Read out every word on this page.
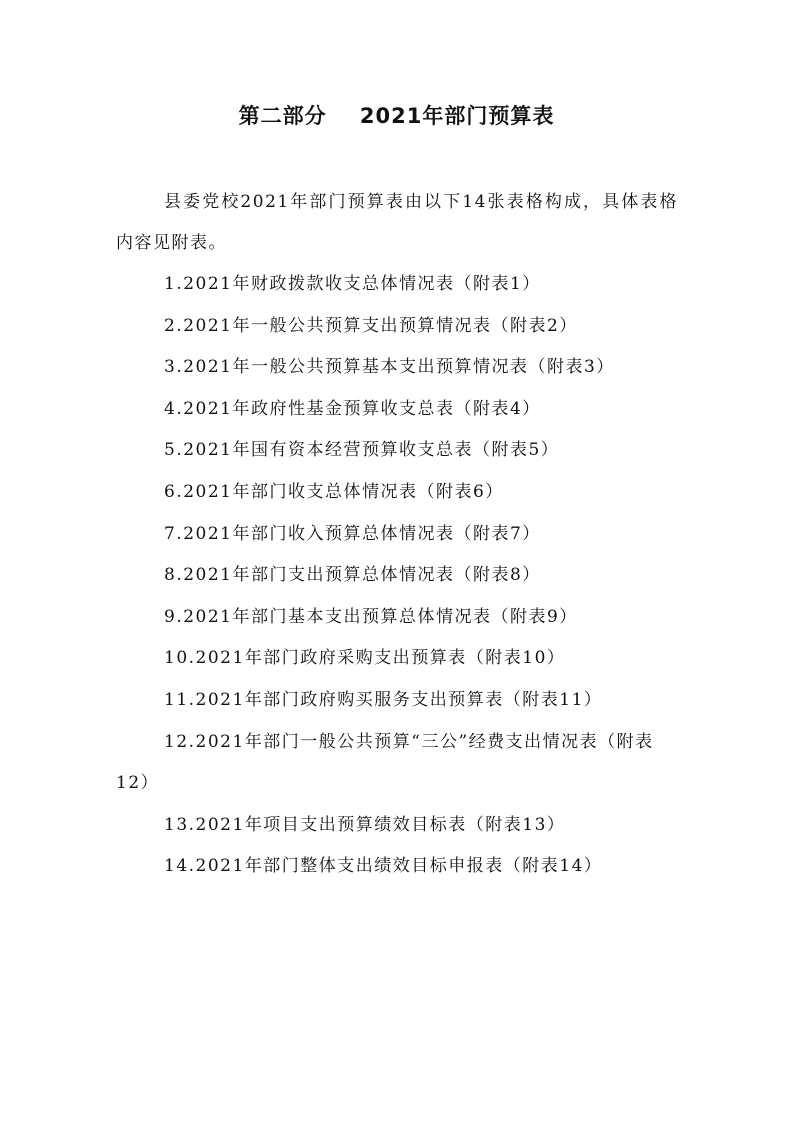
第二部分    2021年部门预算表

县委党校2021年部门预算表由以下14张表格构成，具体表格内容见附表。

1.2021年财政拨款收支总体情况表（附表1）
2.2021年一般公共预算支出预算情况表（附表2）
3.2021年一般公共预算基本支出预算情况表（附表3）
4.2021年政府性基金预算收支总表（附表4）
5.2021年国有资本经营预算收支总表（附表5）
6.2021年部门收支总体情况表（附表6）
7.2021年部门收入预算总体情况表（附表7）
8.2021年部门支出预算总体情况表（附表8）
9.2021年部门基本支出预算总体情况表（附表9）
10.2021年部门政府采购支出预算表（附表10）
11.2021年部门政府购买服务支出预算表（附表11）
12.2021年部门一般公共预算“三公”经费支出情况表（附表12）
13.2021年项目支出预算绩效目标表（附表13）
14.2021年部门整体支出绩效目标申报表（附表14）
